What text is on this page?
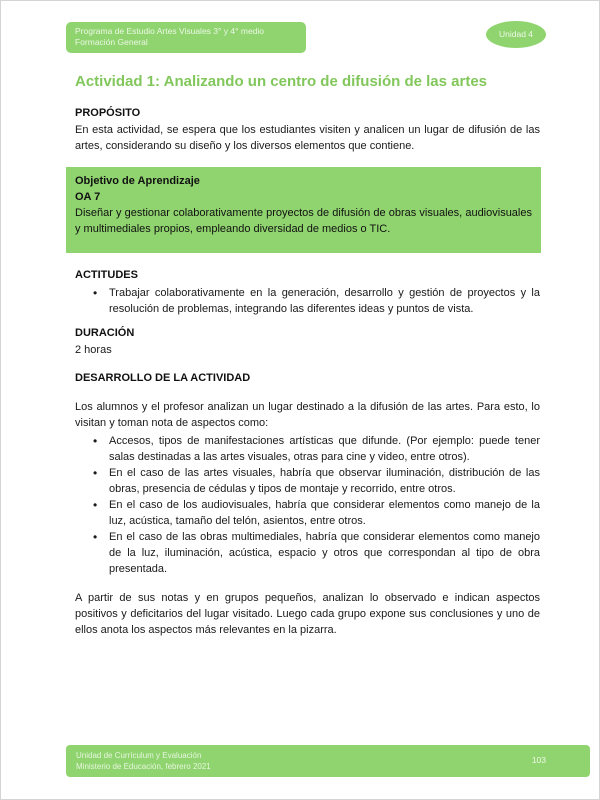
Programa de Estudio Artes Visuales 3° y 4° medio
Formación General
Unidad 4
Actividad 1: Analizando un centro de difusión de las artes
PROPÓSITO

En esta actividad, se espera que los estudiantes visiten y analicen un lugar de difusión de las artes, considerando su diseño y los diversos elementos que contiene.

Objetivo de Aprendizaje

OA 7

Diseñar y gestionar colaborativamente proyectos de difusión de obras visuales, audiovisuales y multimediales propios, empleando diversidad de medios o TIC.

ACTITUDES
• Trabajar colaborativamente en la generación, desarrollo y gestión de proyectos y la resolución de problemas, integrando las diferentes ideas y puntos de vista.
DURACIÓN

2 horas

DESARROLLO DE LA ACTIVIDAD

Los alumnos y el profesor analizan un lugar destinado a la difusión de las artes. Para esto, lo visitan y toman nota de aspectos como:

• Accesos, tipos de manifestaciones artísticas que difunde. (Por ejemplo: puede tener salas destinadas a las artes visuales, otras para cine y video, entre otros).
• En el caso de las artes visuales, habría que observar iluminación, distribución de las obras, presencia de cédulas y tipos de montaje y recorrido, entre otros.
• En el caso de los audiovisuales, habría que considerar elementos como manejo de la luz, acústica, tamaño del telón, asientos, entre otros.
• En el caso de las obras multimediales, habría que considerar elementos como manejo de la luz, iluminación, acústica, espacio y otros que correspondan al tipo de obra presentada.

A partir de sus notas y en grupos pequeños, analizan lo observado e indican aspectos positivos y deficitarios del lugar visitado. Luego cada grupo expone sus conclusiones y uno de ellos anota los aspectos más relevantes en la pizarra.

Unidad de Currículum y Evaluación
Ministerio de Educación, febrero 2021
103
